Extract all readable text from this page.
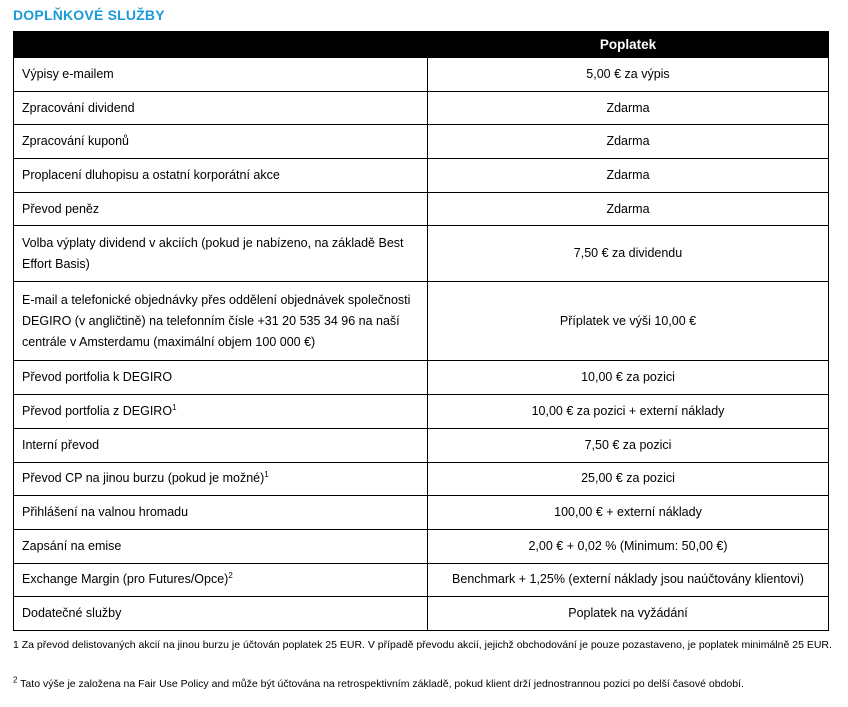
DOPLŇKOVÉ SLUŽBY
	Poplatek
Výpisy e-mailem	5,00 € za výpis
Zpracování dividend	Zdarma
Zpracování kuponů	Zdarma
Proplacení dluhopisu a ostatní korporátní akce	Zdarma
Převod peněz	Zdarma
Volba výplaty dividend v akciích (pokud je nabízeno, na základě Best Effort Basis)	7,50 € za dividendu
E-mail a telefonické objednávky přes oddělení objednávek společnosti DEGIRO (v angličtině) na telefonním čísle +31 20 535 34 96 na naší centrále v Amsterdamu (maximální objem 100 000 €)	Příplatek ve výši 10,00 €
Převod portfolia k DEGIRO	10,00 € za pozici
Převod portfolia z DEGIRO$^1$	10,00 € za pozici + externí náklady
Interní převod	7,50 € za pozici
Převod CP na jinou burzu (pokud je možné)$^1$	25,00 € za pozici
Přihlášení na valnou hromadu	100,00 € + externí náklady
Zapsání na emise	2,00 € + 0,02 % (Minimum: 50,00 €)
Exchange Margin (pro Futures/Opce)$^2$	Benchmark + 1,25% (externí náklady jsou naúčtovány klientovi)
Dodatečné služby	Poplatek na vyžádání
1 Za převod delistovaných akcií na jinou burzu je účtován poplatek 25 EUR. V případě převodu akcií, jejichž obchodování je pouze pozastaveno, je poplatek minimálně 25 EUR.
$^2$ Tato výše je založena na Fair Use Policy and může být účtována na retrospektivním základě, pokud klient drží jednostrannou pozici po delší časové období.
